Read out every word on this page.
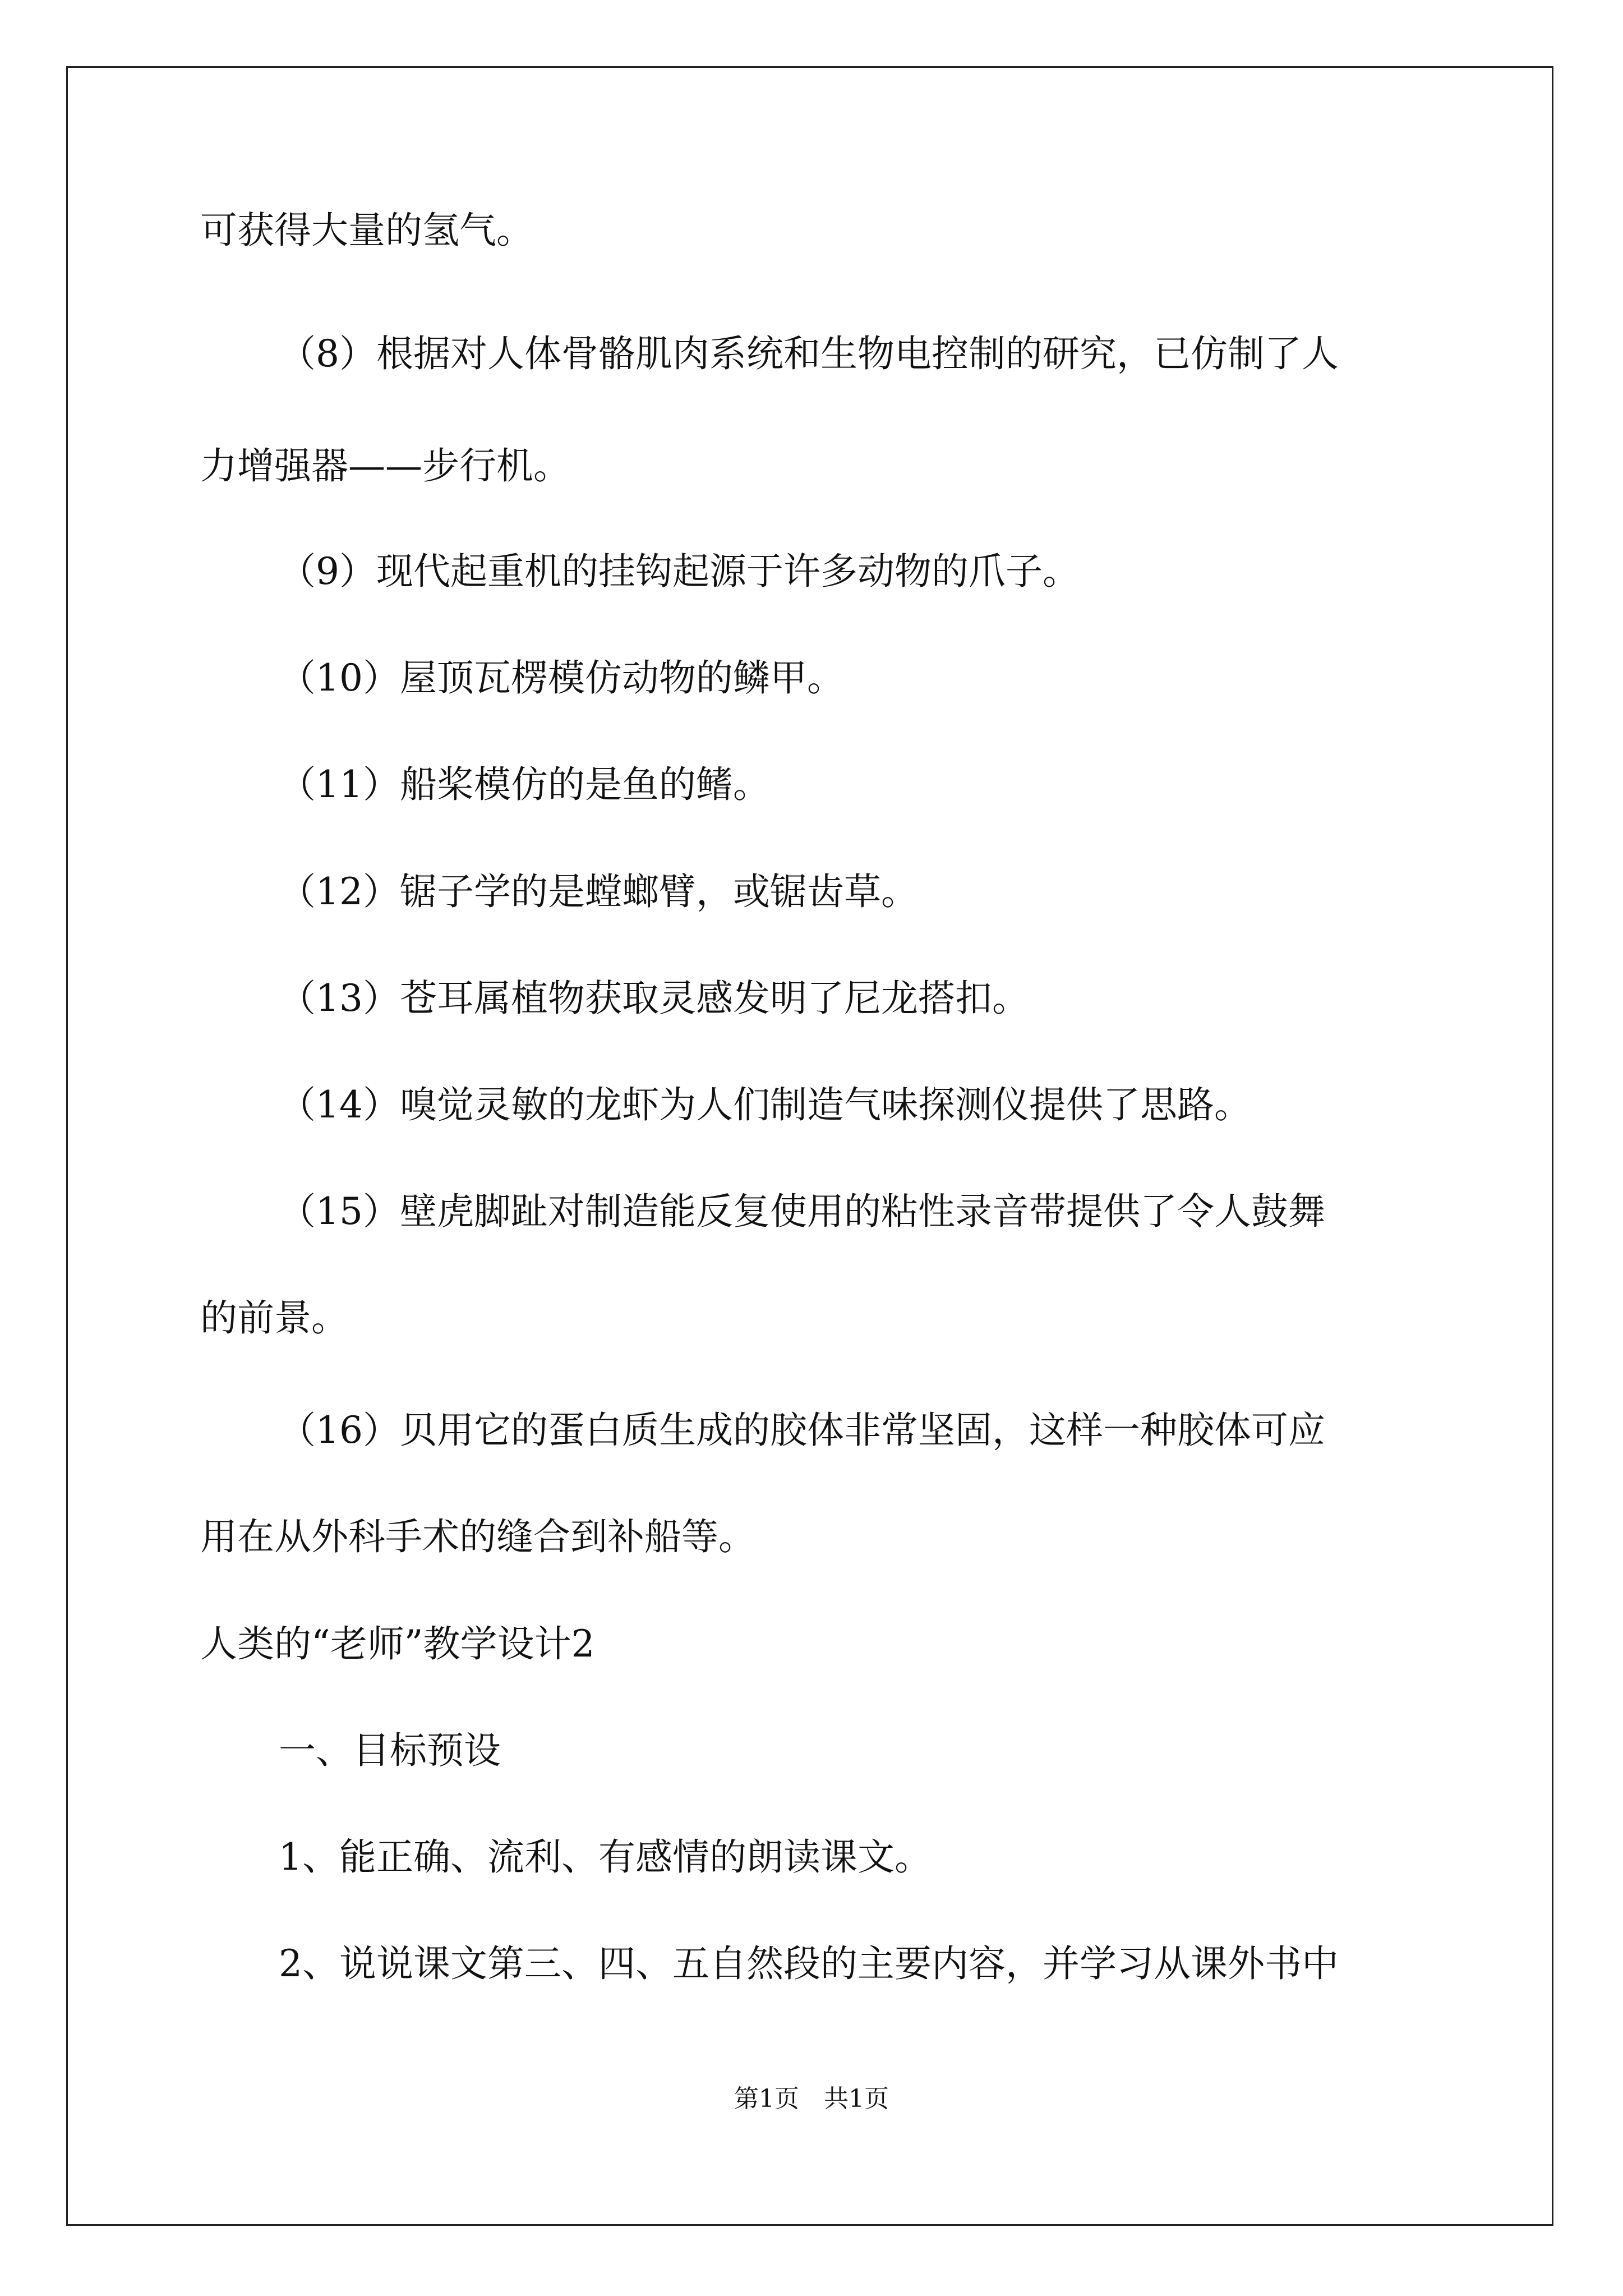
可获得大量的氢气。
（8）根据对人体骨骼肌肉系统和生物电控制的研究，已仿制了人
力增强器——步行机。
（9）现代起重机的挂钩起源于许多动物的爪子。
（10）屋顶瓦楞模仿动物的鳞甲。
（11）船桨模仿的是鱼的鳍。
（12）锯子学的是螳螂臂，或锯齿草。
（13）苍耳属植物获取灵感发明了尼龙搭扣。
（14）嗅觉灵敏的龙虾为人们制造气味探测仪提供了思路。
（15）壁虎脚趾对制造能反复使用的粘性录音带提供了令人鼓舞
的前景。
（16）贝用它的蛋白质生成的胶体非常坚固，这样一种胶体可应
用在从外科手术的缝合到补船等。
人类的“老师”教学设计2
一、目标预设
1、能正确、流利、有感情的朗读课文。
2、说说课文第三、四、五自然段的主要内容，并学习从课外书中
第1页　共1页
